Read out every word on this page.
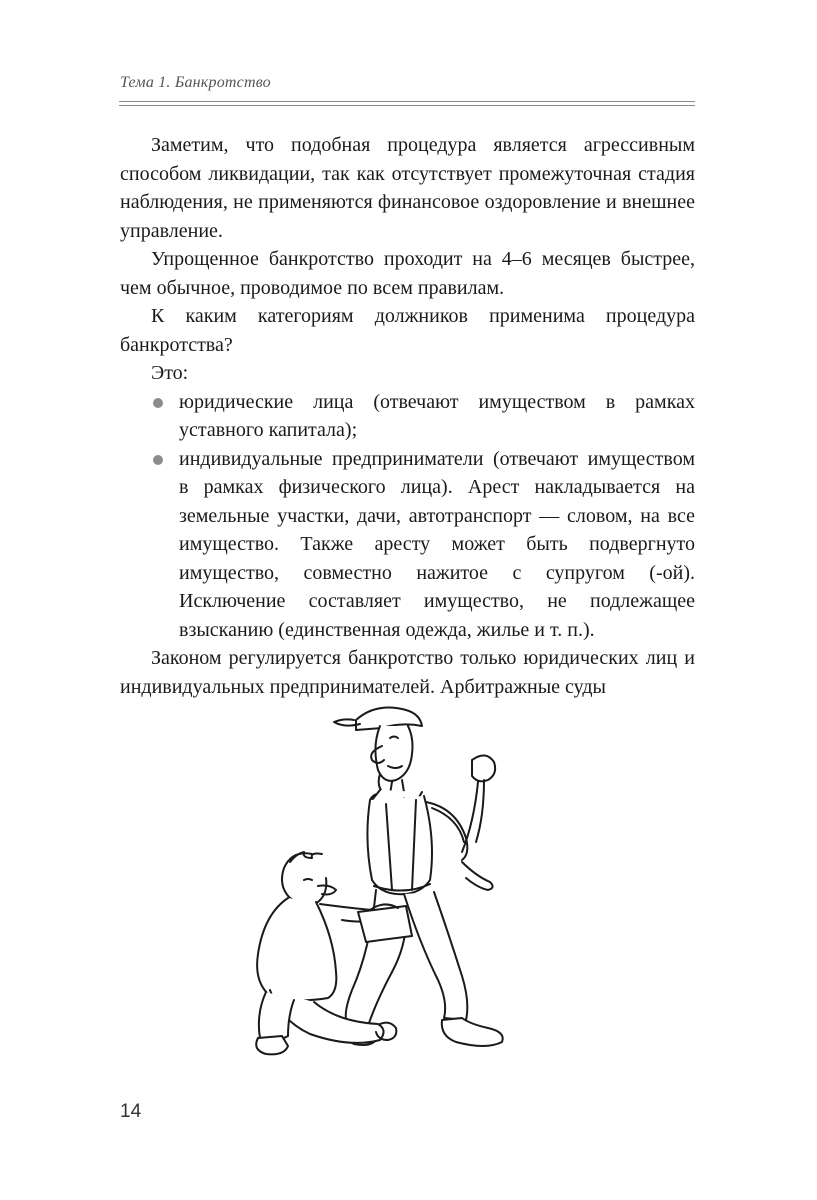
Тема 1. Банкротство

Заметим, что подобная процедура является агрессивным способом ликвидации, так как отсутствует промежуточная стадия наблюдения, не применяются финансовое оздоровление и внешнее управление.

Упрощенное банкротство проходит на 4–6 месяцев быстрее, чем обычное, проводимое по всем правилам.

К каким категориям должников применима процедура банкротства?

Это:

юридические лица (отвечают имуществом в рамках уставного капитала);
индивидуальные предприниматели (отвечают имуществом в рамках физического лица). Арест накладывается на земельные участки, дачи, автотранспорт — словом, на все имущество. Также аресту может быть подвергнуто имущество, совместно нажитое с супругом (-ой). Исключение составляет имущество, не подлежащее взысканию (единственная одежда, жилье и т. п.).

Законом регулируется банкротство только юридических лиц и индивидуальных предпринимателей. Арбитражные суды

14
